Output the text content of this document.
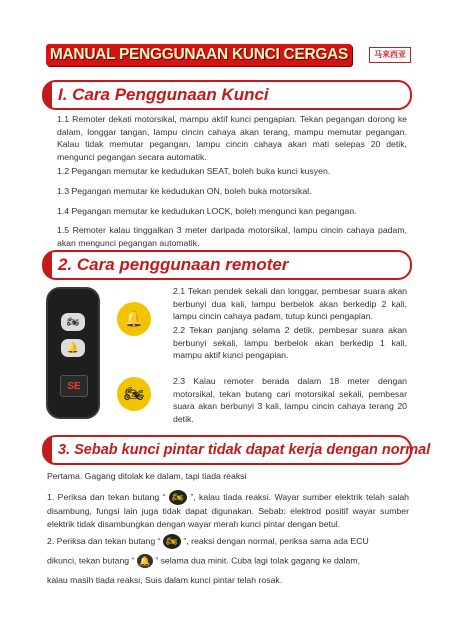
MANUAL PENGGUNAAN KUNCI CERGAS	马来西亚
I. Cara Penggunaan Kunci

1.1 Remoter dekati motorsikal, mampu aktif kunci pengapian. Tekan pegangan dorong ke dalam, longgar tangan, lampu cincin cahaya akan terang, mampu memutar pegangan. Kalau tidak memutar pegangan, lampu cincin cahaya akan mati selepas 20 detik, mengunci pegangan secara automatik.

1.2 Pegangan memutar ke kedudukan SEAT, boleh buka kunci kusyen.

1.3 Pegangan memutar ke kedudukan ON, boleh buka motorsikal.

1.4 Pegangan memutar ke kedudukan LOCK, boleh mengunci kan pegangan.

1.5 Remoter kalau tinggalkan 3 meter daripada motorsikal, lampu cincin cahaya padam, akan mengunci pegangan automatik.

2. Cara penggunaan remoter
🏍
🔔
SE
🔔
🏍

2.1 Tekan pendek sekali dan longgar, pembesar suara akan berbunyi dua kali, lampu berbelok akan berkedip 2 kali, lampu cincin cahaya padam, tutup kunci pengapian.

2.2 Tekan panjang selama 2 detik, pembesar suara akan berbunyi sekali, lampu berbelok akan berkedip 1 kali, mampu aktif kunci pengapian.

2.3 Kalau remoter berada dalam 18 meter dengan motorsikal, tekan butang cari motorsikal sekali, pembesar suara akan berbunyi 3 kali, lampu cincin cahaya terang 20 detik.

3. Sebab kunci pintar tidak dapat kerja dengan normal

Pertama. Gagang ditolak ke dalam, tapi tiada reaksi

1. Periksa dan tekan butang “ 🏍 ”, kalau tiada reaksi. Wayar sumber elektrik telah salah disambung, fungsi lain juga tidak dapat digunakan. Sebab: elektrod positif wayar sumber elektrik tidak disambungkan dengan wayar merah kunci pintar dengan betul.

2. Periksa dan tekan butang “ 🏍 ”, reaksi dengan normal, periksa sama ada ECU

dikunci, tekan butang “ 🔔 ” selama dua minit. Cuba lagi tolak gagang ke dalam,

kalau masih tiada reaksi, Suis dalam kunci pintar telah rosak.
